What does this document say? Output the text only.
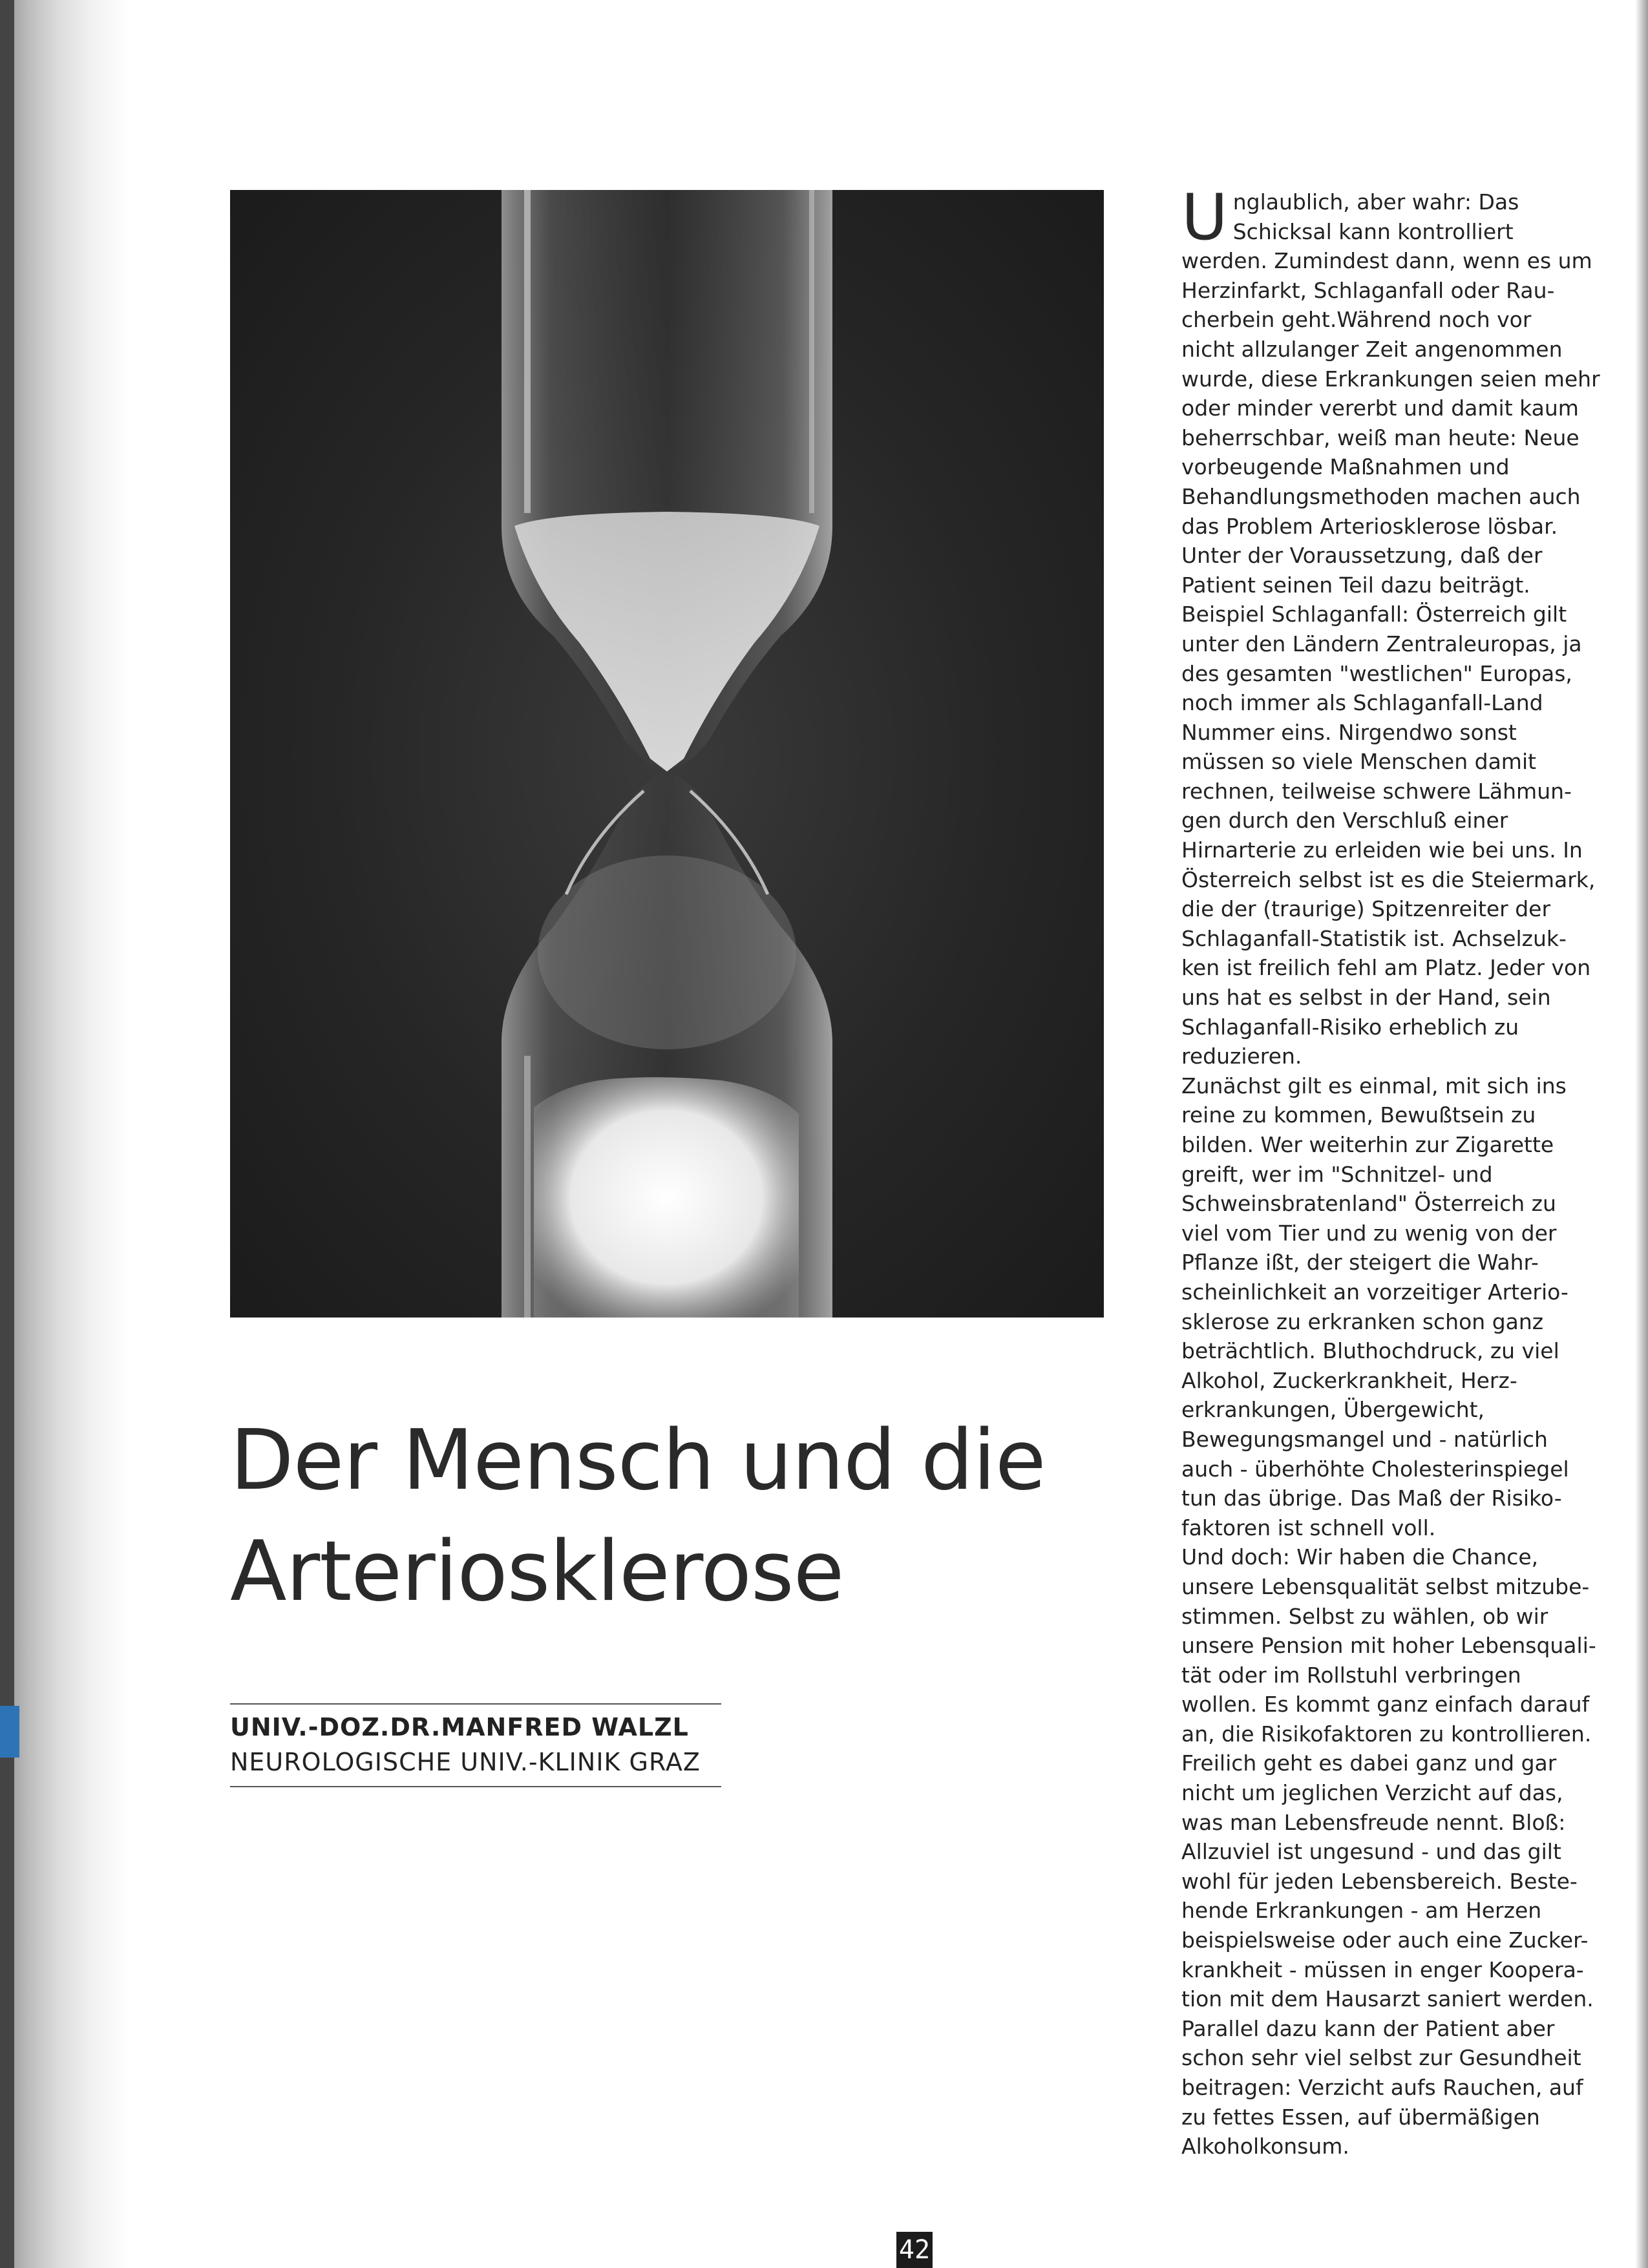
Der Mensch und die
Arteriosklerose
UNIV.-DOZ.DR.MANFRED WALZL
NEUROLOGISCHE UNIV.-KLINIK GRAZ
U nglaublich, aber wahr: Das
Schicksal kann kontrolliert
werden. Zumindest dann, wenn es um
Herzinfarkt, Schlaganfall oder Rau-
cherbein geht.Während noch vor
nicht allzulanger Zeit angenommen
wurde, diese Erkrankungen seien mehr
oder minder vererbt und damit kaum
beherrschbar, weiß man heute: Neue
vorbeugende Maßnahmen und
Behandlungsmethoden machen auch
das Problem Arteriosklerose lösbar.
Unter der Voraussetzung, daß der
Patient seinen Teil dazu beiträgt.
Beispiel Schlaganfall: Österreich gilt
unter den Ländern Zentraleuropas, ja
des gesamten "westlichen" Europas,
noch immer als Schlaganfall-Land
Nummer eins. Nirgendwo sonst
müssen so viele Menschen damit
rechnen, teilweise schwere Lähmun-
gen durch den Verschluß einer
Hirnarterie zu erleiden wie bei uns. In
Österreich selbst ist es die Steiermark,
die der (traurige) Spitzenreiter der
Schlaganfall-Statistik ist. Achselzuk-
ken ist freilich fehl am Platz. Jeder von
uns hat es selbst in der Hand, sein
Schlaganfall-Risiko erheblich zu
reduzieren.
Zunächst gilt es einmal, mit sich ins
reine zu kommen, Bewußtsein zu
bilden. Wer weiterhin zur Zigarette
greift, wer im "Schnitzel- und
Schweinsbratenland" Österreich zu
viel vom Tier und zu wenig von der
Pflanze ißt, der steigert die Wahr-
scheinlichkeit an vorzeitiger Arterio-
sklerose zu erkranken schon ganz
beträchtlich. Bluthochdruck, zu viel
Alkohol, Zuckerkrankheit, Herz-
erkrankungen, Übergewicht,
Bewegungsmangel und - natürlich
auch - überhöhte Cholesterinspiegel
tun das übrige. Das Maß der Risiko-
faktoren ist schnell voll.
Und doch: Wir haben die Chance,
unsere Lebensqualität selbst mitzube-
stimmen. Selbst zu wählen, ob wir
unsere Pension mit hoher Lebensquali-
tät oder im Rollstuhl verbringen
wollen. Es kommt ganz einfach darauf
an, die Risikofaktoren zu kontrollieren.
Freilich geht es dabei ganz und gar
nicht um jeglichen Verzicht auf das,
was man Lebensfreude nennt. Bloß:
Allzuviel ist ungesund - und das gilt
wohl für jeden Lebensbereich. Beste-
hende Erkrankungen - am Herzen
beispielsweise oder auch eine Zucker-
krankheit - müssen in enger Koopera-
tion mit dem Hausarzt saniert werden.
Parallel dazu kann der Patient aber
schon sehr viel selbst zur Gesundheit
beitragen: Verzicht aufs Rauchen, auf
zu fettes Essen, auf übermäßigen
Alkoholkonsum.
42
